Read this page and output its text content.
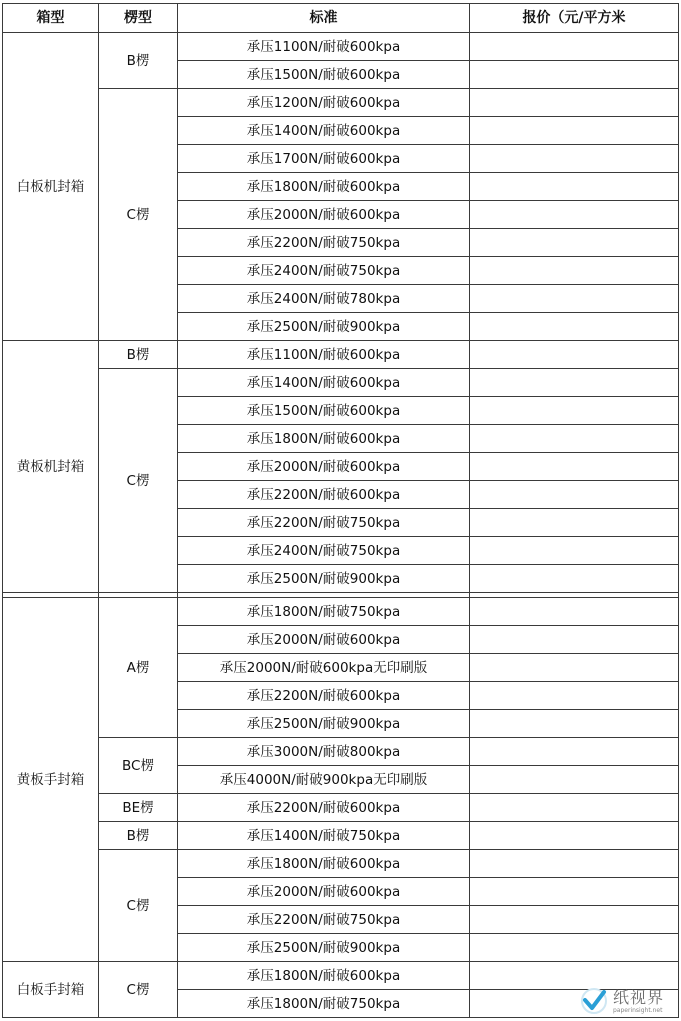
箱型	楞型	标准	报价（元/平方米
白板机封箱	B楞	承压1100N/耐破600kpa	
		承压1500N/耐破600kpa	
	C楞	承压1200N/耐破600kpa	
		承压1400N/耐破600kpa	
		承压1700N/耐破600kpa	
		承压1800N/耐破600kpa	
		承压2000N/耐破600kpa	
		承压2200N/耐破750kpa	
		承压2400N/耐破750kpa	
		承压2400N/耐破780kpa	
		承压2500N/耐破900kpa	
黄板机封箱	B楞	承压1100N/耐破600kpa	
	C楞	承压1400N/耐破600kpa	
		承压1500N/耐破600kpa	
		承压1800N/耐破600kpa	
		承压2000N/耐破600kpa	
		承压2200N/耐破600kpa	
		承压2200N/耐破750kpa	
		承压2400N/耐破750kpa	
		承压2500N/耐破900kpa	

黄板手封箱	A楞	承压1800N/耐破750kpa	
		承压2000N/耐破600kpa	
		承压2000N/耐破600kpa无印刷版	
		承压2200N/耐破600kpa	
		承压2500N/耐破900kpa	
	BC楞	承压3000N/耐破800kpa	
		承压4000N/耐破900kpa无印刷版	
	BE楞	承压2200N/耐破600kpa	
	B楞	承压1400N/耐破750kpa	
	C楞	承压1800N/耐破600kpa	
		承压2000N/耐破600kpa	
		承压2200N/耐破750kpa	
		承压2500N/耐破900kpa	
白板手封箱	C楞	承压1800N/耐破600kpa	
		承压1800N/耐破750kpa		纸视界
paperinsight.net
